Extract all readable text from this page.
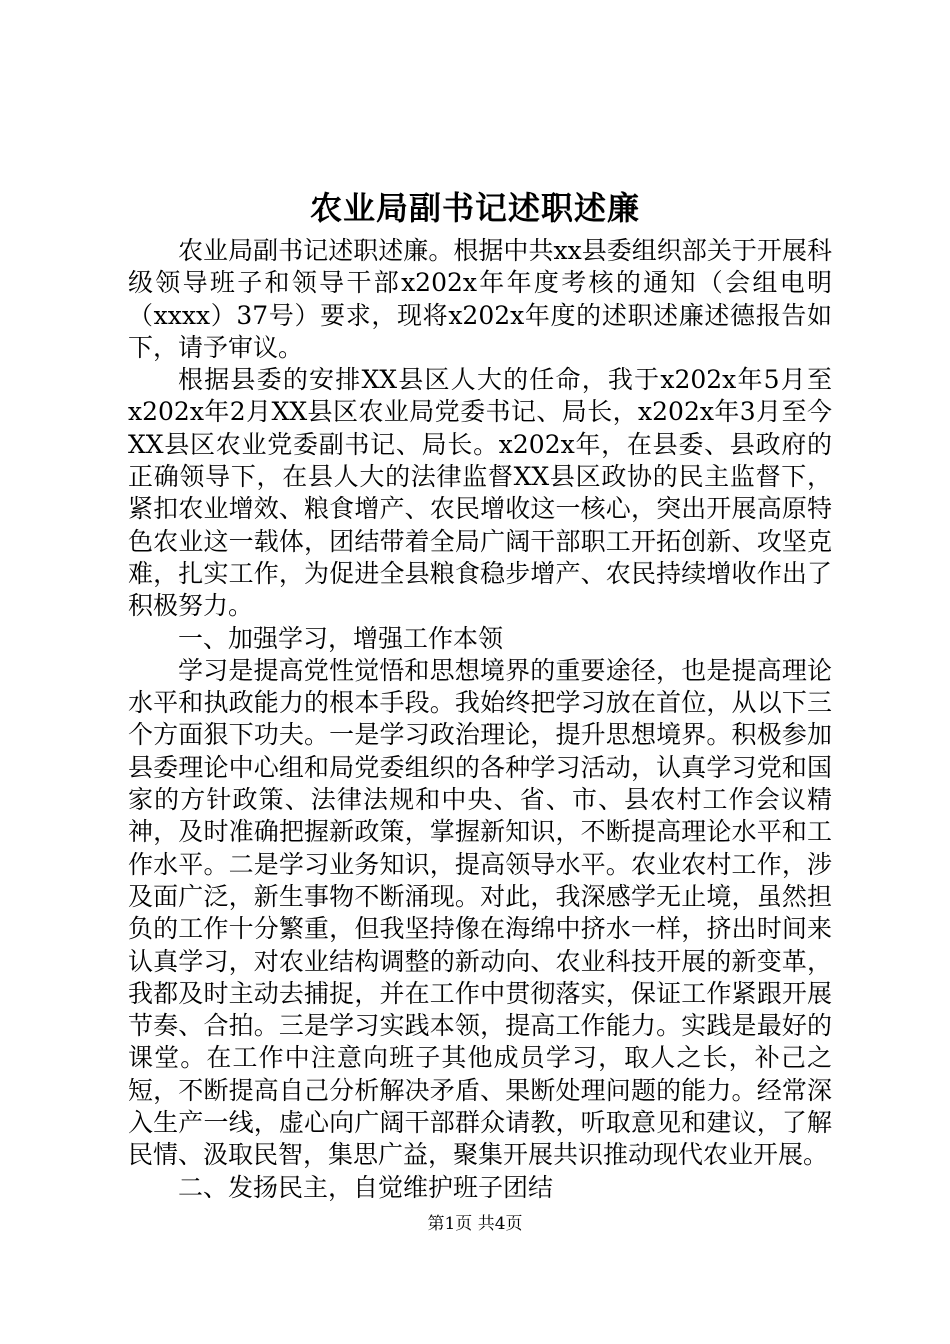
农业局副书记述职述廉

农业局副书记述职述廉。根据中共xx县委组织部关于开展科级领导班子和领导干部x202x年年度考核的通知（会组电明（xxxx）37号）要求，现将x202x年度的述职述廉述德报告如下，请予审议。

根据县委的安排XX县区人大的任命，我于x202x年5月至x202x年2月XX县区农业局党委书记、局长，x202x年3月至今XX县区农业党委副书记、局长。x202x年，在县委、县政府的正确领导下，在县人大的法律监督XX县区政协的民主监督下，紧扣农业增效、粮食增产、农民增收这一核心，突出开展高原特色农业这一载体，团结带着全局广阔干部职工开拓创新、攻坚克难，扎实工作，为促进全县粮食稳步增产、农民持续增收作出了积极努力。

一、加强学习，增强工作本领

学习是提高党性觉悟和思想境界的重要途径，也是提高理论水平和执政能力的根本手段。我始终把学习放在首位，从以下三个方面狠下功夫。一是学习政治理论，提升思想境界。积极参加县委理论中心组和局党委组织的各种学习活动，认真学习党和国家的方针政策、法律法规和中央、省、市、县农村工作会议精神，及时准确把握新政策，掌握新知识，不断提高理论水平和工作水平。二是学习业务知识，提高领导水平。农业农村工作，涉及面广泛，新生事物不断涌现。对此，我深感学无止境，虽然担负的工作十分繁重，但我坚持像在海绵中挤水一样，挤出时间来认真学习，对农业结构调整的新动向、农业科技开展的新变革，我都及时主动去捕捉，并在工作中贯彻落实，保证工作紧跟开展节奏、合拍。三是学习实践本领，提高工作能力。实践是最好的课堂。在工作中注意向班子其他成员学习，取人之长，补己之短，不断提高自己分析解决矛盾、果断处理问题的能力。经常深入生产一线，虚心向广阔干部群众请教，听取意见和建议，了解民情、汲取民智，集思广益，聚集开展共识推动现代农业开展。

二、发扬民主，自觉维护班子团结

第1页 共4页
